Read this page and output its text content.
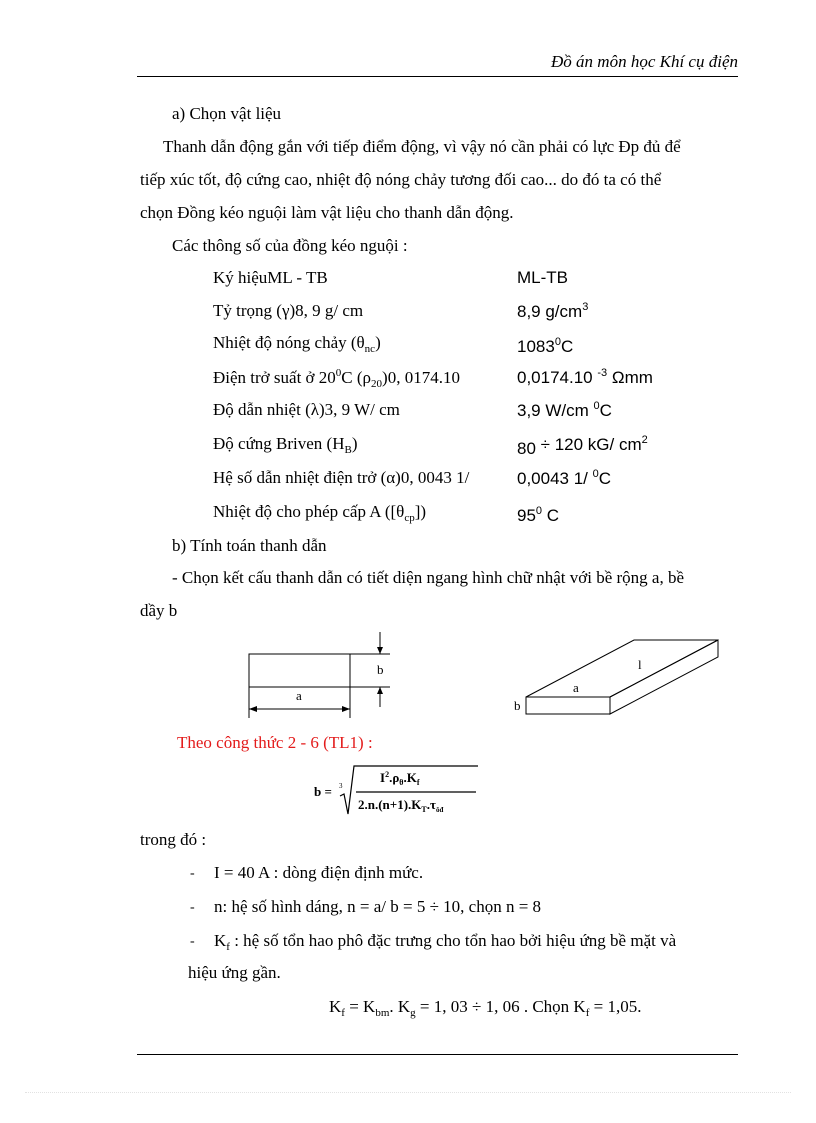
Đồ án môn học Khí cụ điện
a) Chọn vật liệu
Thanh dẫn động gắn với tiếp điểm động, vì vậy nó cần phải có lực Đp đủ để
tiếp xúc tốt, độ cứng cao, nhiệt độ nóng chảy tương đối cao... do đó ta có thể
chọn Đồng kéo nguội làm vật liệu cho thanh dẫn động.
Các thông số của đồng kéo nguội :
Ký hiệuML - TB	ML-TB
Tỷ trọng (γ)8, 9 g/ cm	8,9 $g/cm^3$
Nhiệt độ nóng chảy $(\theta_{nc})$	1083$^0$C
Điện trở suất ở $20^0C$ $(\rho_{20})0$, 0174.10	0,0174.10 $^{-3}$ Ωmm
Độ dẫn nhiệt (λ)3, 9 W/ cm	3,9 W/cm $^0$C
Độ cứng Briven $(H_B)$	80 ÷ 120 kG/ $cm^2$
Hệ số dẫn nhiệt điện trở (α)0, 0043 1/	0,0043 1/ $^0$C
Nhiệt độ cho phép cấp A $([\theta_{cp}])$	$95^0$ C
b) Tính toán thanh dẫn
- Chọn kết cấu thanh dẫn có tiết diện ngang hình chữ nhật với bề rộng a, bề
dầy b
a
b
a
b
l
Theo công thức 2 - 6 (TL1) :
b = 3
$I^2.\rho_\theta.K_f$
$2.n.(n+1).K_T.\tau_{ôđ}$
trong đó :
- I = 40 A : dòng điện định mức.
- n: hệ số hình dáng, n = a/ b = 5 ÷ 10, chọn n = 8
- $K_f$ : hệ số tổn hao phô đặc trưng cho tổn hao bởi hiệu ứng bề mặt và
hiệu ứng gần.
$K_f = K_{bm}$. $K_g = 1$, 03 ÷ 1, 06 . Chọn $K_f = 1,05$.
